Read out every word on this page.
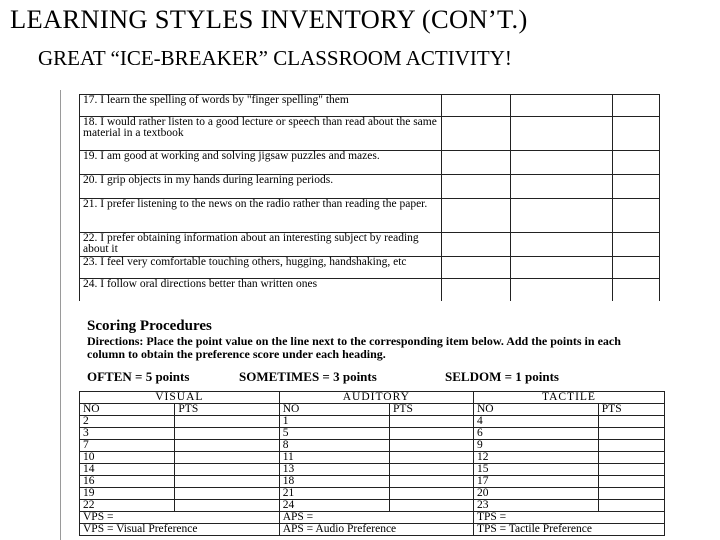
LEARNING STYLES INVENTORY (CON’T.)
GREAT “ICE-BREAKER” CLASSROOM ACTIVITY!
17. I learn the spelling of words by "finger spelling" them			
18. I would rather listen to a good lecture or speech than read about the same material in a textbook			
19. I am good at working and solving jigsaw puzzles and mazes.			
20. I grip objects in my hands during learning periods.			
21. I prefer listening to the news on the radio rather than reading the paper.			
22. I prefer obtaining information about an interesting subject by reading about it			
23. I feel very comfortable touching others, hugging, handshaking, etc			
24. I follow oral directions better than written ones			

Scoring Procedures

Directions: Place the point value on the line next to the corresponding item below. Add the points in each column to obtain the preference score under each heading.

OFTEN = 5 points	SOMETIMES = 3 points	SELDOM = 1 points

VISUAL		AUDITORY		TACTILE	
NO	PTS	NO	PTS	NO	PTS
2		1		4	
3		5		6	
7		8		9	
10		11		12	
14		13		15	
16		18		17	
19		21		20	
22		24		23	
VPS =		APS =		TPS =	
VPS = Visual Preference		APS = Audio Preference		TPS = Tactile Preference	
